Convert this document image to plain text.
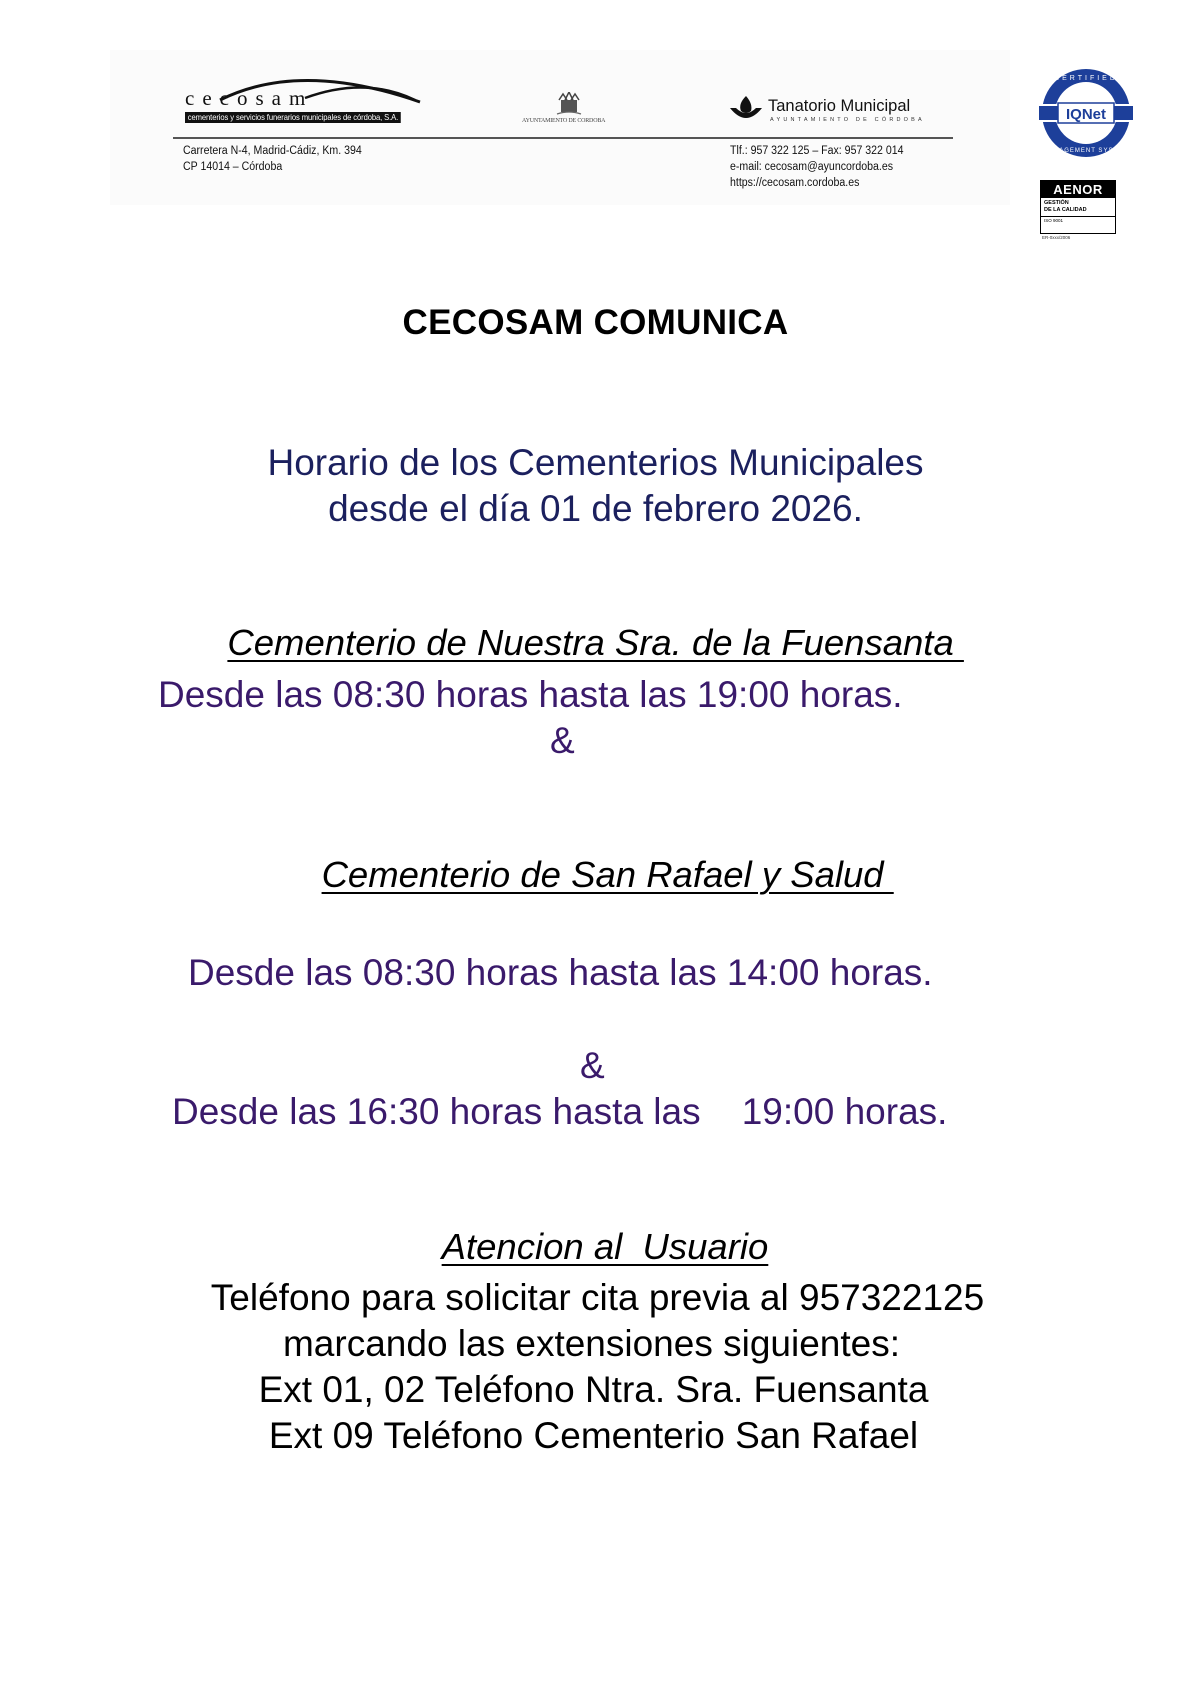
cecosam
cementerios y servicios funerarios municipales de córdoba, S.A.
Carretera N-4, Madrid-Cádiz, Km. 394
CP 14014 – Córdoba
AYUNTAMIENTO DE CORDOBA
Tanatorio Municipal
AYUNTAMIENTO DE CÓRDOBA
Tlf.: 957 322 125 – Fax: 957 322 014
e-mail: cecosam@ayuncordoba.es
https://cecosam.cordoba.es
IQNet
CERTIFIED
MANAGEMENT SYSTEM
AENOR
GESTIÓN
DE LA CALIDAD
ISO 9001
ER-0xxx/2006
CECOSAM COMUNICA
Horario de los Cementerios Municipales
desde el día 01 de febrero 2026.

Cementerio de Nuestra Sra. de la Fuensanta

Desde las 08:30 horas hasta las 19:00 horas.
&

Cementerio de San Rafael y Salud

Desde las 08:30 horas hasta las 14:00 horas.
&
Desde las 16:30 horas hasta las    19:00 horas.

Atencion al  Usuario

Teléfono para solicitar cita previa al 957322125
marcando las extensiones siguientes:
Ext 01, 02 Teléfono Ntra. Sra. Fuensanta
Ext 09 Teléfono Cementerio San Rafael
